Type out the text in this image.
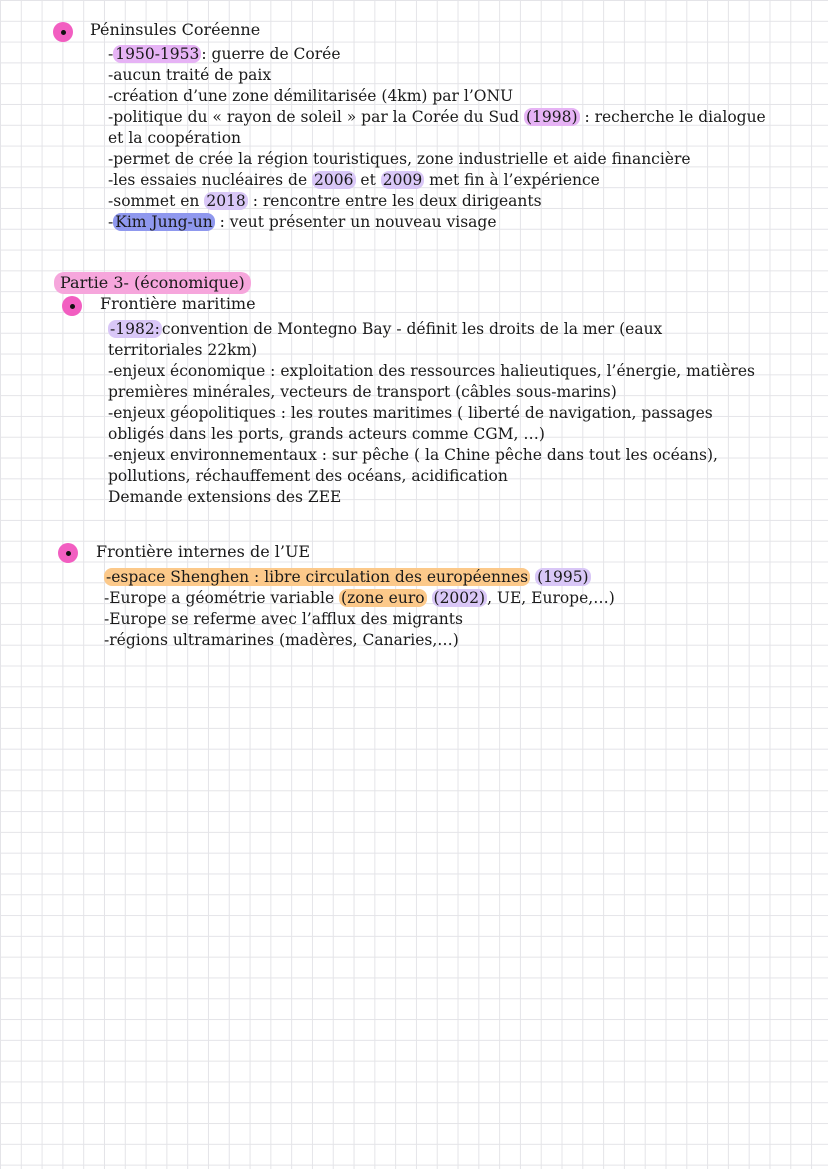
Péninsules Coréenne
- 1950-1953 : guerre de Corée
-aucun traité de paix
-création d’une zone démilitarisée (4km) par l’ONU
-politique du « rayon de soleil » par la Corée du Sud (1998) : recherche le dialogue
et la coopération
-permet de crée la région touristiques, zone industrielle et aide financière
-les essaies nucléaires de 2006 et 2009 met fin à l’expérience
-sommet en 2018 : rencontre entre les deux dirigeants
- Kim Jung-un : veut présenter un nouveau visage
Partie 3- (économique)
Frontière maritime
-1982: convention de Montegno Bay - définit les droits de la mer (eaux
territoriales 22km)
-enjeux économique : exploitation des ressources halieutiques, l’énergie, matières
premières minérales, vecteurs de transport (câbles sous-marins)
-enjeux géopolitiques : les routes maritimes ( liberté de navigation, passages
obligés dans les ports, grands acteurs comme CGM, …)
-enjeux environnementaux : sur pêche ( la Chine pêche dans tout les océans),
pollutions, réchauffement des océans, acidification
Demande extensions des ZEE
Frontière internes de l’UE
-espace Shenghen : libre circulation des européennes (1995)
-Europe a géométrie variable (zone euro (2002) , UE, Europe,…)
-Europe se referme avec l’afflux des migrants
-régions ultramarines (madères, Canaries,…)
